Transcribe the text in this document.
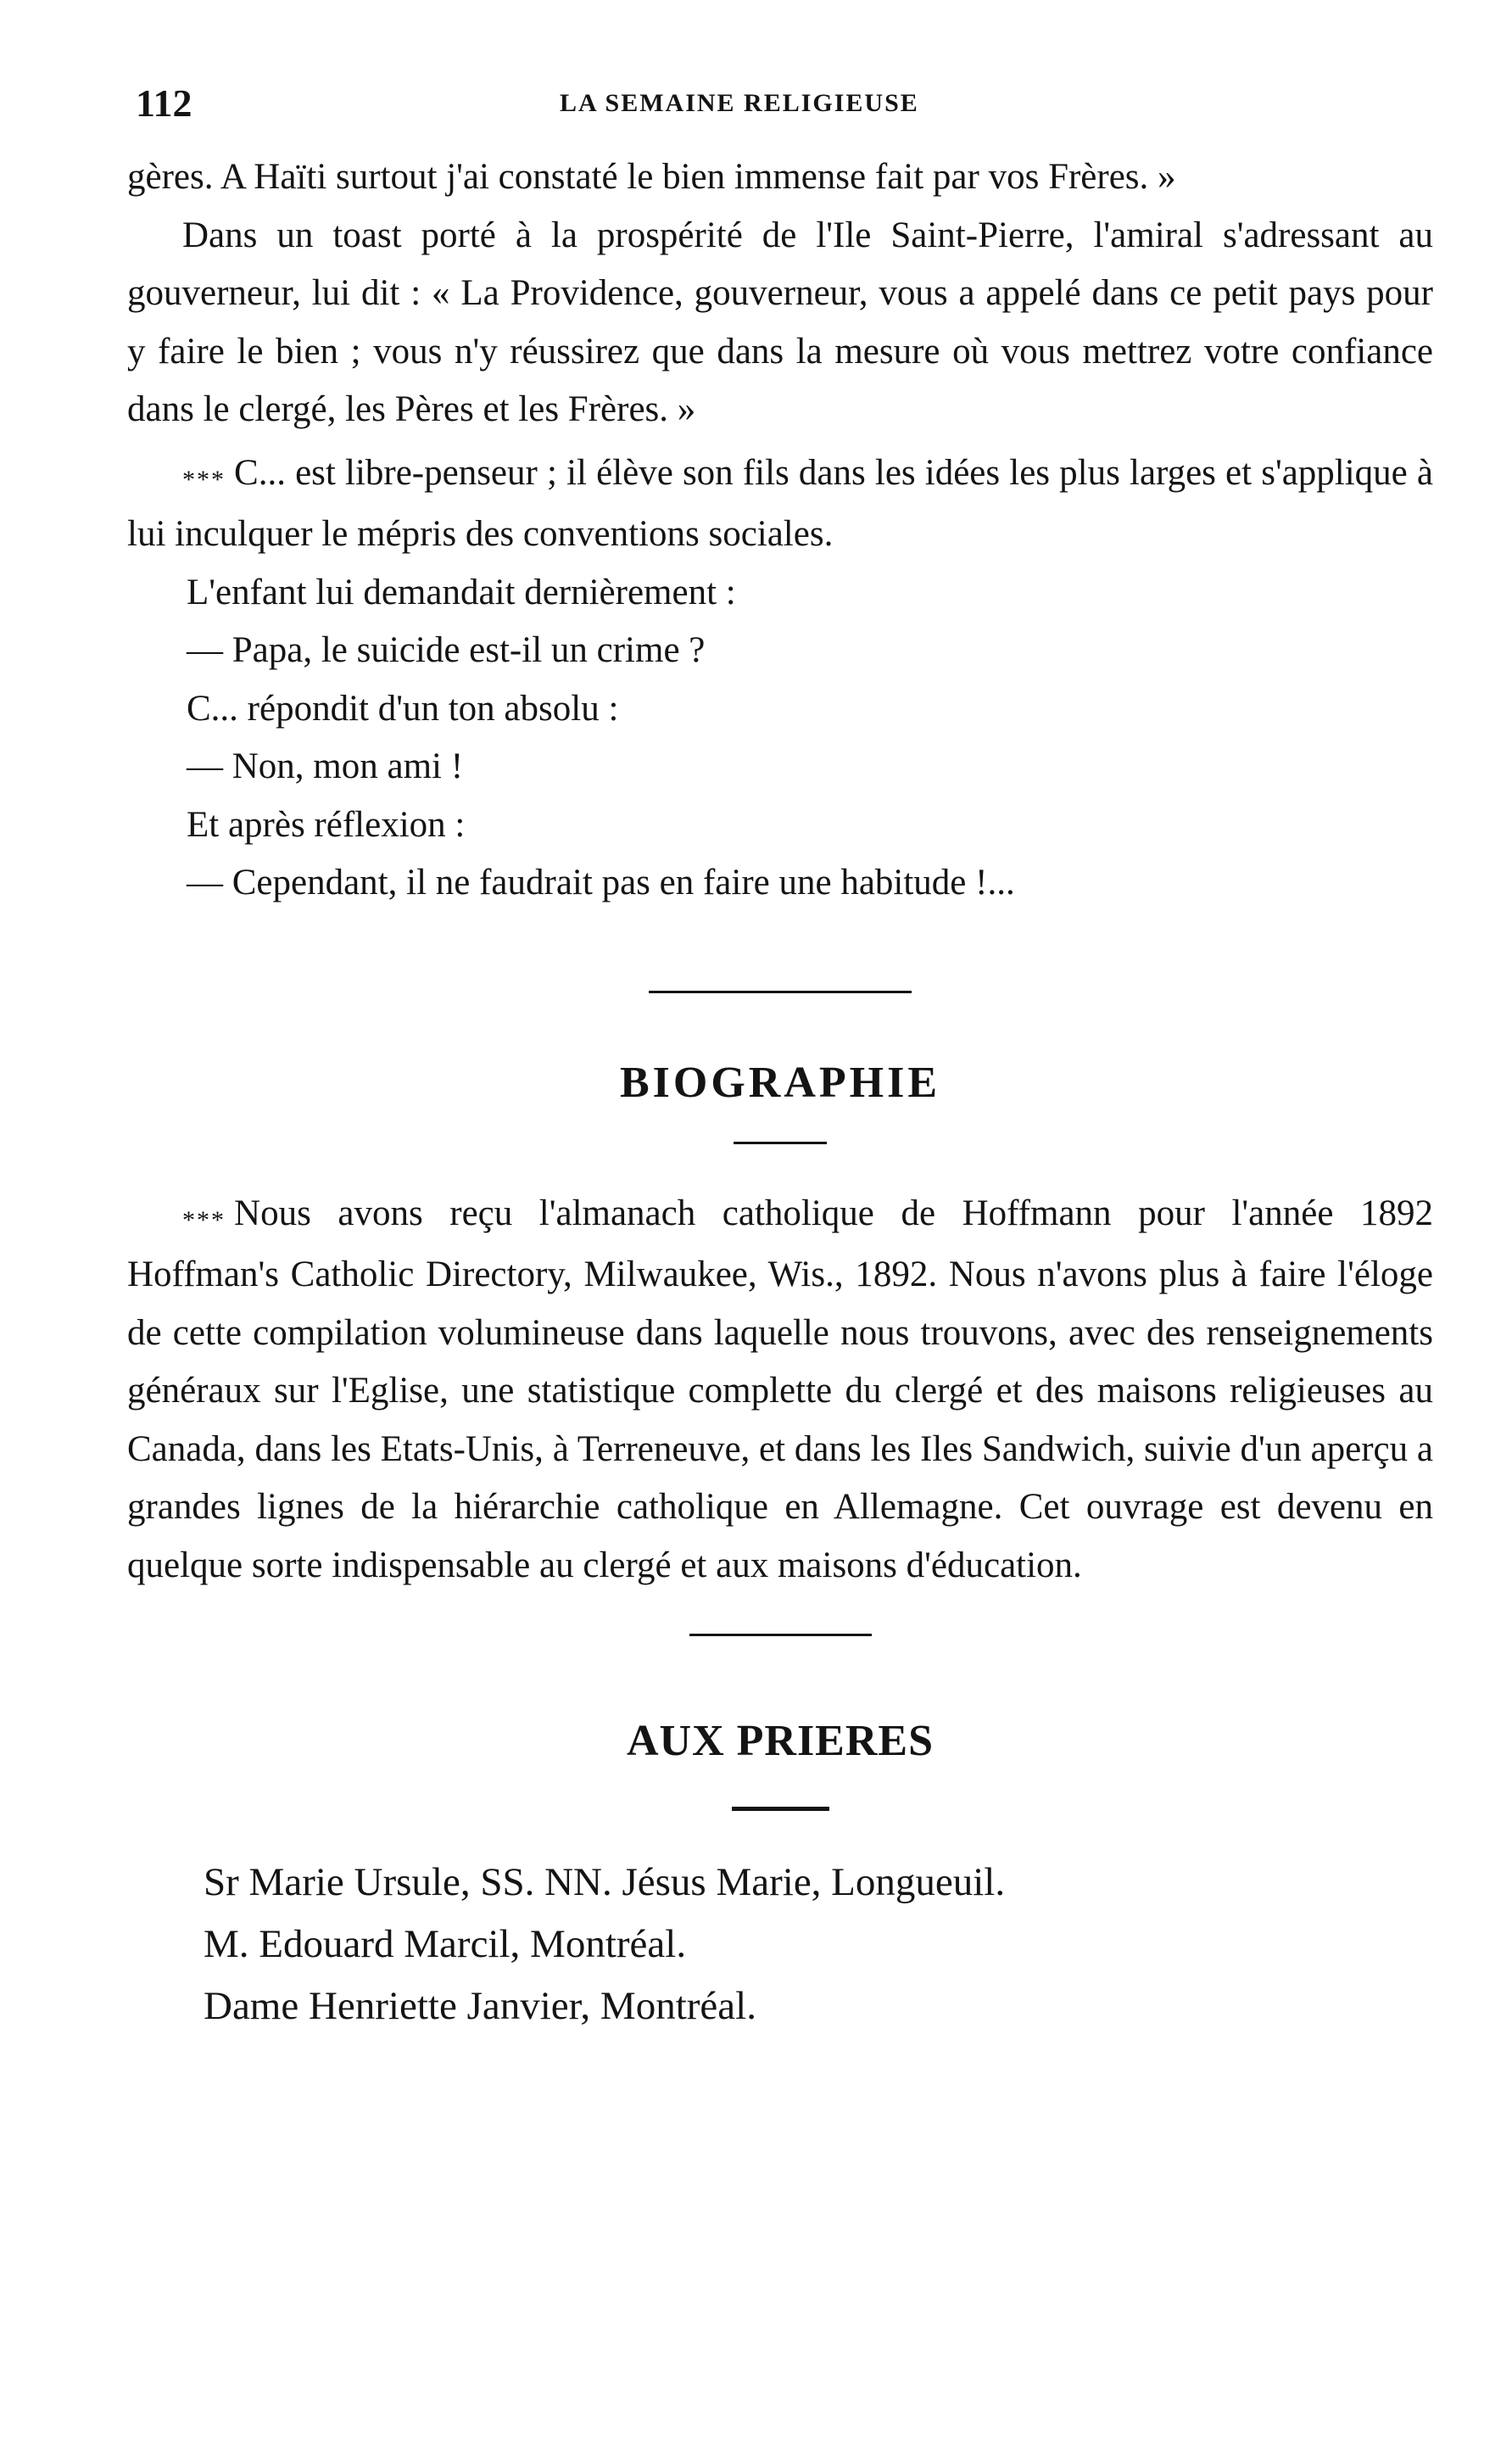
112	LA SEMAINE RELIGIEUSE

gères. A Haïti surtout j'ai constaté le bien immense fait par vos Frères. »

Dans un toast porté à la prospérité de l'Ile Saint-Pierre, l'amiral s'adressant au gouverneur, lui dit : « La Providence, gouverneur, vous a appelé dans ce petit pays pour y faire le bien ; vous n'y réussirez que dans la mesure où vous mettrez votre confiance dans le clergé, les Pères et les Frères. »

* * * C... est libre-penseur ; il élève son fils dans les idées les plus larges et s'applique à lui inculquer le mépris des conventions sociales.

L'enfant lui demandait dernièrement :

— Papa, le suicide est-il un crime ?

C... répondit d'un ton absolu :

— Non, mon ami !

Et après réflexion :

— Cependant, il ne faudrait pas en faire une habitude !...

BIOGRAPHIE

* * * Nous avons reçu l'almanach catholique de Hoffmann pour l'année 1892 Hoffman's Catholic Directory, Milwaukee, Wis., 1892. Nous n'avons plus à faire l'éloge de cette compilation volumineuse dans laquelle nous trouvons, avec des renseignements généraux sur l'Eglise, une statistique complette du clergé et des maisons religieuses au Canada, dans les Etats-Unis, à Terreneuve, et dans les Iles Sandwich, suivie d'un aperçu a grandes lignes de la hiérarchie catholique en Allemagne. Cet ouvrage est devenu en quelque sorte indispensable au clergé et aux maisons d'éducation.

AUX PRIERES

Sr Marie Ursule, SS. NN. Jésus Marie, Longueuil.

M. Edouard Marcil, Montréal.

Dame Henriette Janvier, Montréal.
